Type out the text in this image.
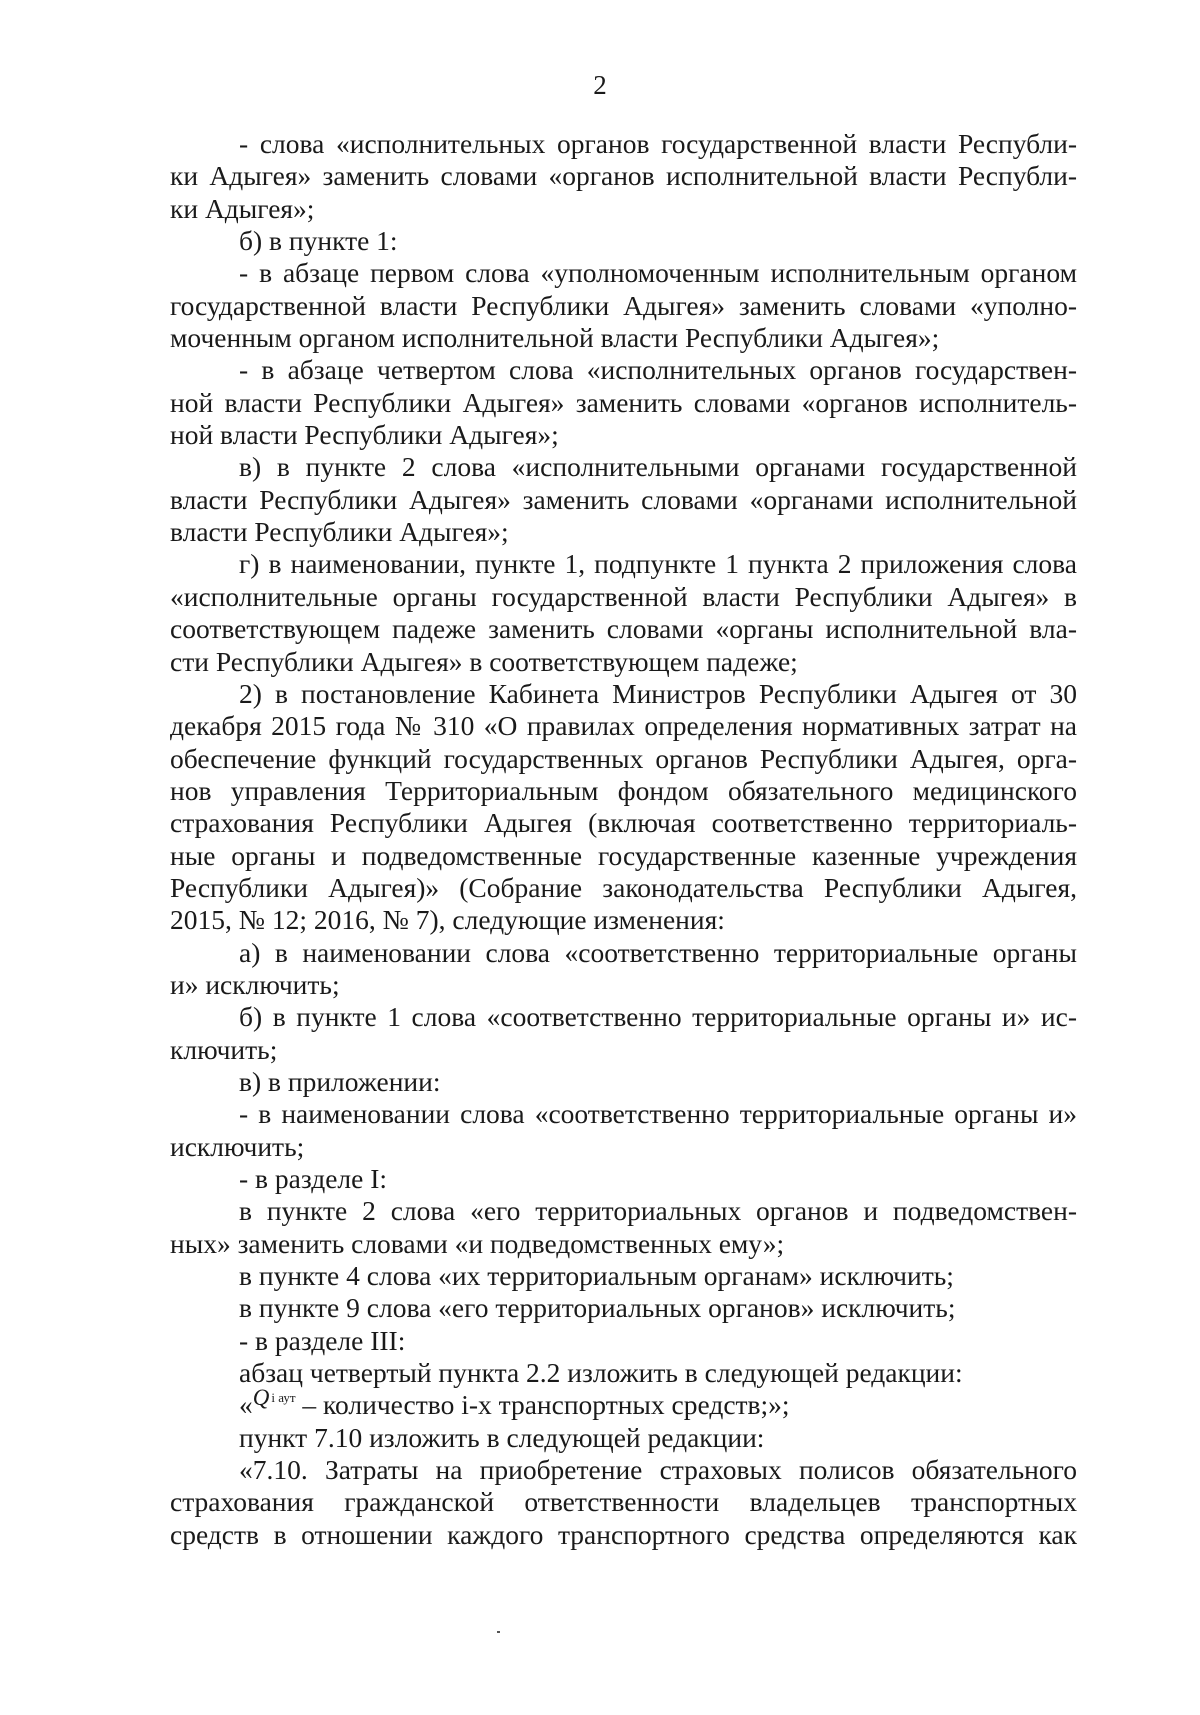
2
- слова «исполнительных органов государственной власти Республи-
ки Адыгея» заменить словами «органов исполнительной власти Республи-
ки Адыгея»;
б) в пункте 1:
- в абзаце первом слова «уполномоченным исполнительным органом
государственной власти Республики Адыгея» заменить словами «уполно-
моченным органом исполнительной власти Республики Адыгея»;
- в абзаце четвертом слова «исполнительных органов государствен-
ной власти Республики Адыгея» заменить словами «органов исполнитель-
ной власти Республики Адыгея»;
в) в пункте 2 слова «исполнительными органами государственной
власти Республики Адыгея» заменить словами «органами исполнительной
власти Республики Адыгея»;
г) в наименовании, пункте 1, подпункте 1 пункта 2 приложения слова
«исполнительные органы государственной власти Республики Адыгея» в
соответствующем падеже заменить словами «органы исполнительной вла-
сти Республики Адыгея» в соответствующем падеже;
2) в постановление Кабинета Министров Республики Адыгея от 30
декабря 2015 года № 310 «О правилах определения нормативных затрат на
обеспечение функций государственных органов Республики Адыгея, орга-
нов управления Территориальным фондом обязательного медицинского
страхования Республики Адыгея (включая соответственно территориаль-
ные органы и подведомственные государственные казенные учреждения
Республики Адыгея)» (Собрание законодательства Республики Адыгея,
2015, № 12; 2016, № 7), следующие изменения:
а) в наименовании слова «соответственно территориальные органы
и» исключить;
б) в пункте 1 слова «соответственно территориальные органы и» ис-
ключить;
в) в приложении:
- в наименовании слова «соответственно территориальные органы и»
исключить;
- в разделе I:
в пункте 2 слова «его территориальных органов и подведомствен-
ных» заменить словами «и подведомственных ему»;
в пункте 4 слова «их территориальным органам» исключить;
в пункте 9 слова «его территориальных органов» исключить;
- в разделе III:
абзац четвертый пункта 2.2 изложить в следующей редакции:
«$^Q$ $^{i аут}$ – количество i-х транспортных средств;»;
пункт 7.10 изложить в следующей редакции:
«7.10. Затраты на приобретение страховых полисов обязательного
страхования гражданской ответственности владельцев транспортных
средств в отношении каждого транспортного средства определяются как
